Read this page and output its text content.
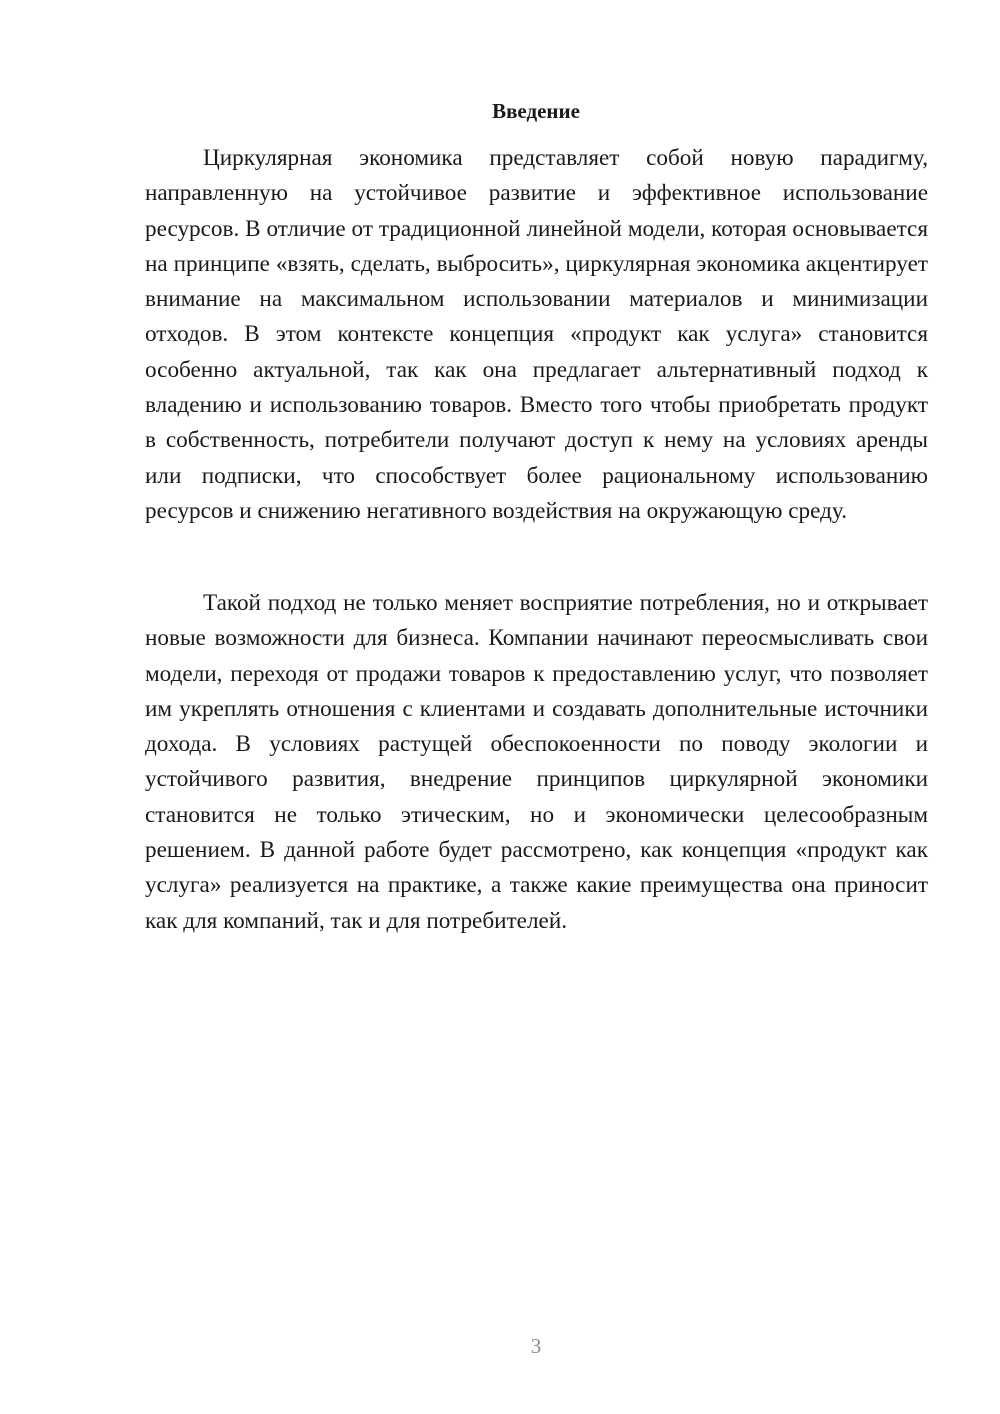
Введение

Циркулярная экономика представляет собой новую парадигму, направленную на устойчивое развитие и эффективное использование ресурсов. В отличие от традиционной линейной модели, которая основывается на принципе «взять, сделать, выбросить», циркулярная экономика акцентирует внимание на максимальном использовании материалов и минимизации отходов. В этом контексте концепция «продукт как услуга» становится особенно актуальной, так как она предлагает альтернативный подход к владению и использованию товаров. Вместо того чтобы приобретать продукт в собственность, потребители получают доступ к нему на условиях аренды или подписки, что способствует более рациональному использованию ресурсов и снижению негативного воздействия на окружающую среду.

Такой подход не только меняет восприятие потребления, но и открывает новые возможности для бизнеса. Компании начинают переосмысливать свои модели, переходя от продажи товаров к предоставлению услуг, что позволяет им укреплять отношения с клиентами и создавать дополнительные источники дохода. В условиях растущей обеспокоенности по поводу экологии и устойчивого развития, внедрение принципов циркулярной экономики становится не только этическим, но и экономически целесообразным решением. В данной работе будет рассмотрено, как концепция «продукт как услуга» реализуется на практике, а также какие преимущества она приносит как для компаний, так и для потребителей.

3
